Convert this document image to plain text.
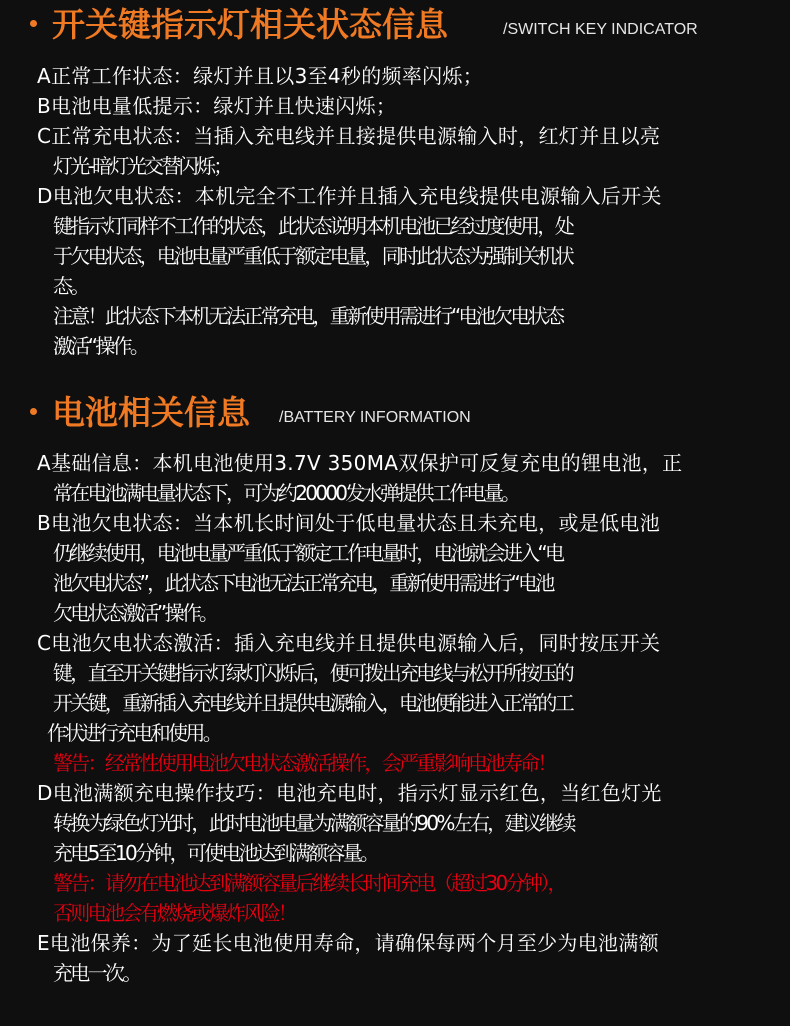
开关键指示灯相关状态信息	/SWITCH KEY INDICATOR
A正常工作状态：绿灯并且以3至4秒的频率闪烁；
B电池电量低提示：绿灯并且快速闪烁；
C正常充电状态：当插入充电线并且接提供电源输入时，红灯并且以亮
灯光-暗灯光交替闪烁；
D电池欠电状态：本机完全不工作并且插入充电线提供电源输入后开关
键指示灯同样不工作的状态，此状态说明本机电池已经过度使用，处
于欠电状态，电池电量严重低于额定电量，同时此状态为强制关机状
态。
注意！此状态下本机无法正常充电，重新使用需进行“电池欠电状态
激活“操作。
电池相关信息 /BATTERY INFORMATION
A基础信息：本机电池使用3.7V 350MA双保护可反复充电的锂电池，正
常在电池满电量状态下，可为约20000发水弹提供工作电量。
B电池欠电状态：当本机长时间处于低电量状态且未充电，或是低电池
仍继续使用，电池电量严重低于额定工作电量时，电池就会进入“电
池欠电状态”，此状态下电池无法正常充电，重新使用需进行“电池
欠电状态激活”操作。
C电池欠电状态激活：插入充电线并且提供电源输入后，同时按压开关
键，直至开关键指示灯绿灯闪烁后，便可拨出充电线与松开所按压的
开关键，重新插入充电线并且提供电源输入，电池便能进入正常的工
作状进行充电和使用。
警告：经常性使用电池欠电状态激活操作，会严重影响电池寿命！
D电池满额充电操作技巧：电池充电时，指示灯显示红色，当红色灯光
转换为绿色灯光时，此时电池电量为满额容量的90%左右，建议继续
充电5至10分钟，可使电池达到满额容量。
警告：请勿在电池达到满额容量后继续长时间充电（超过30分钟），
否则电池会有燃烧或爆炸风险！
E电池保养：为了延长电池使用寿命，请确保每两个月至少为电池满额
充电一次。
